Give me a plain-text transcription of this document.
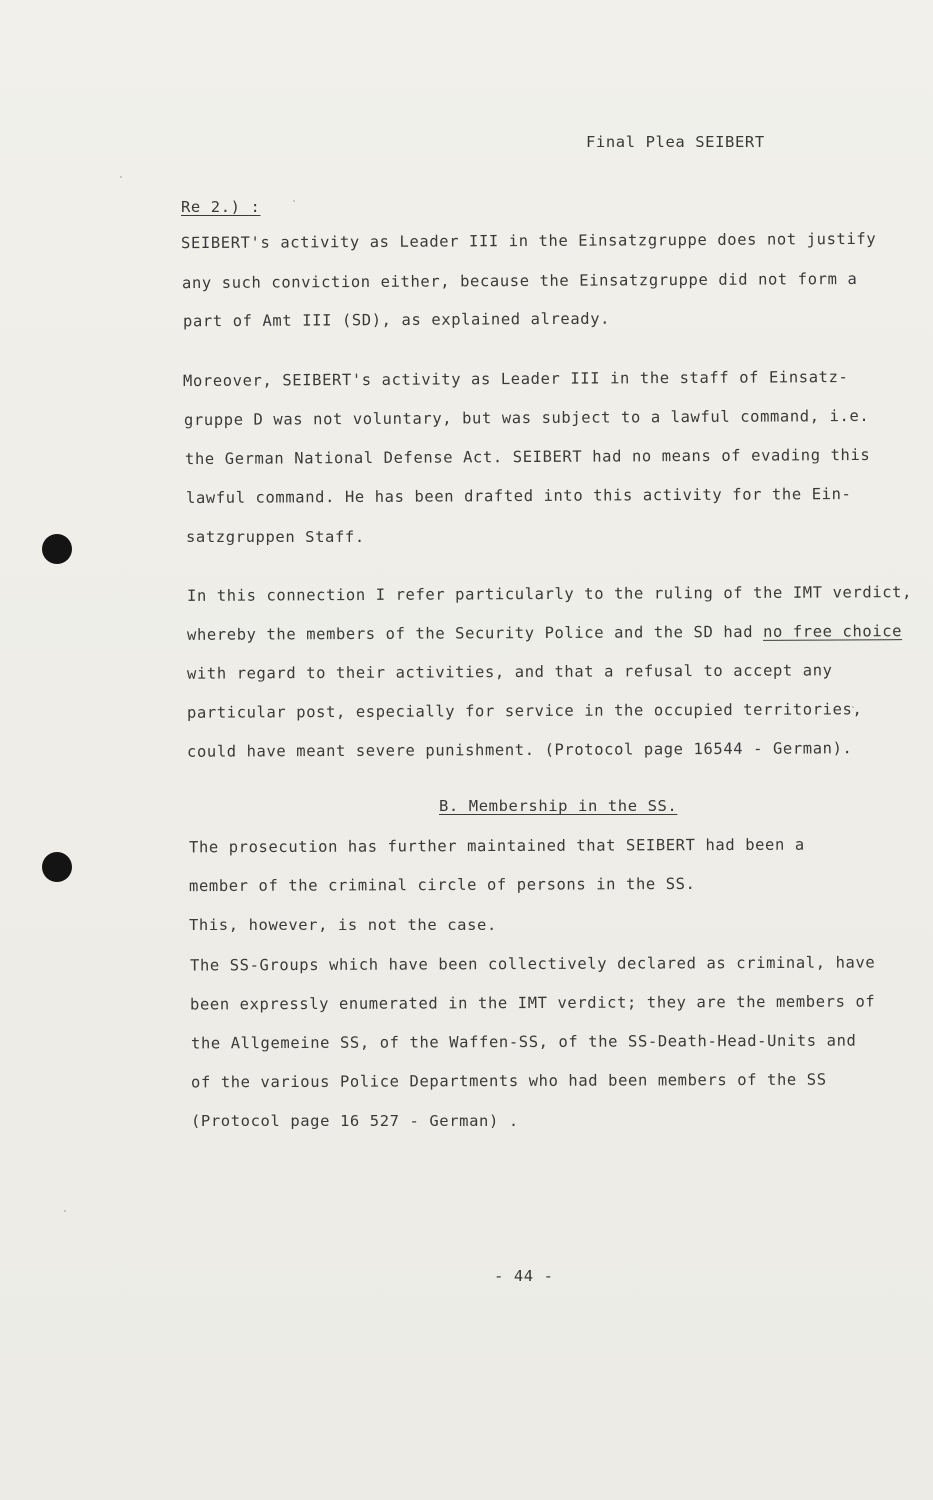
Final Plea SEIBERT
Re 2.) :
SEIBERT's activity as Leader III in the Einsatzgruppe does not justify
any such conviction either, because the Einsatzgruppe did not form a
part of Amt III (SD), as explained already.
Moreover, SEIBERT's activity as Leader III in the staff of Einsatz-
gruppe D was not voluntary, but was subject to a lawful command, i.e.
the German National Defense Act. SEIBERT had no means of evading this
lawful command. He has been drafted into this activity for the Ein-
satzgruppen Staff.
In this connection I refer particularly to the ruling of the IMT verdict,
whereby the members of the Security Police and the SD had no free choice
with regard to their activities, and that a refusal to accept any
particular post, especially for service in the occupied territories,
could have meant severe punishment. (Protocol page 16544 - German).
B. Membership in the SS.
The prosecution has further maintained that SEIBERT had been a
member of the criminal circle of persons in the SS.
This, however, is not the case.
The SS-Groups which have been collectively declared as criminal, have
been expressly enumerated in the IMT verdict; they are the members of
the Allgemeine SS, of the Waffen-SS, of the SS-Death-Head-Units and
of the various Police Departments who had been members of the SS
(Protocol page 16 527 - German) .
- 44 -
